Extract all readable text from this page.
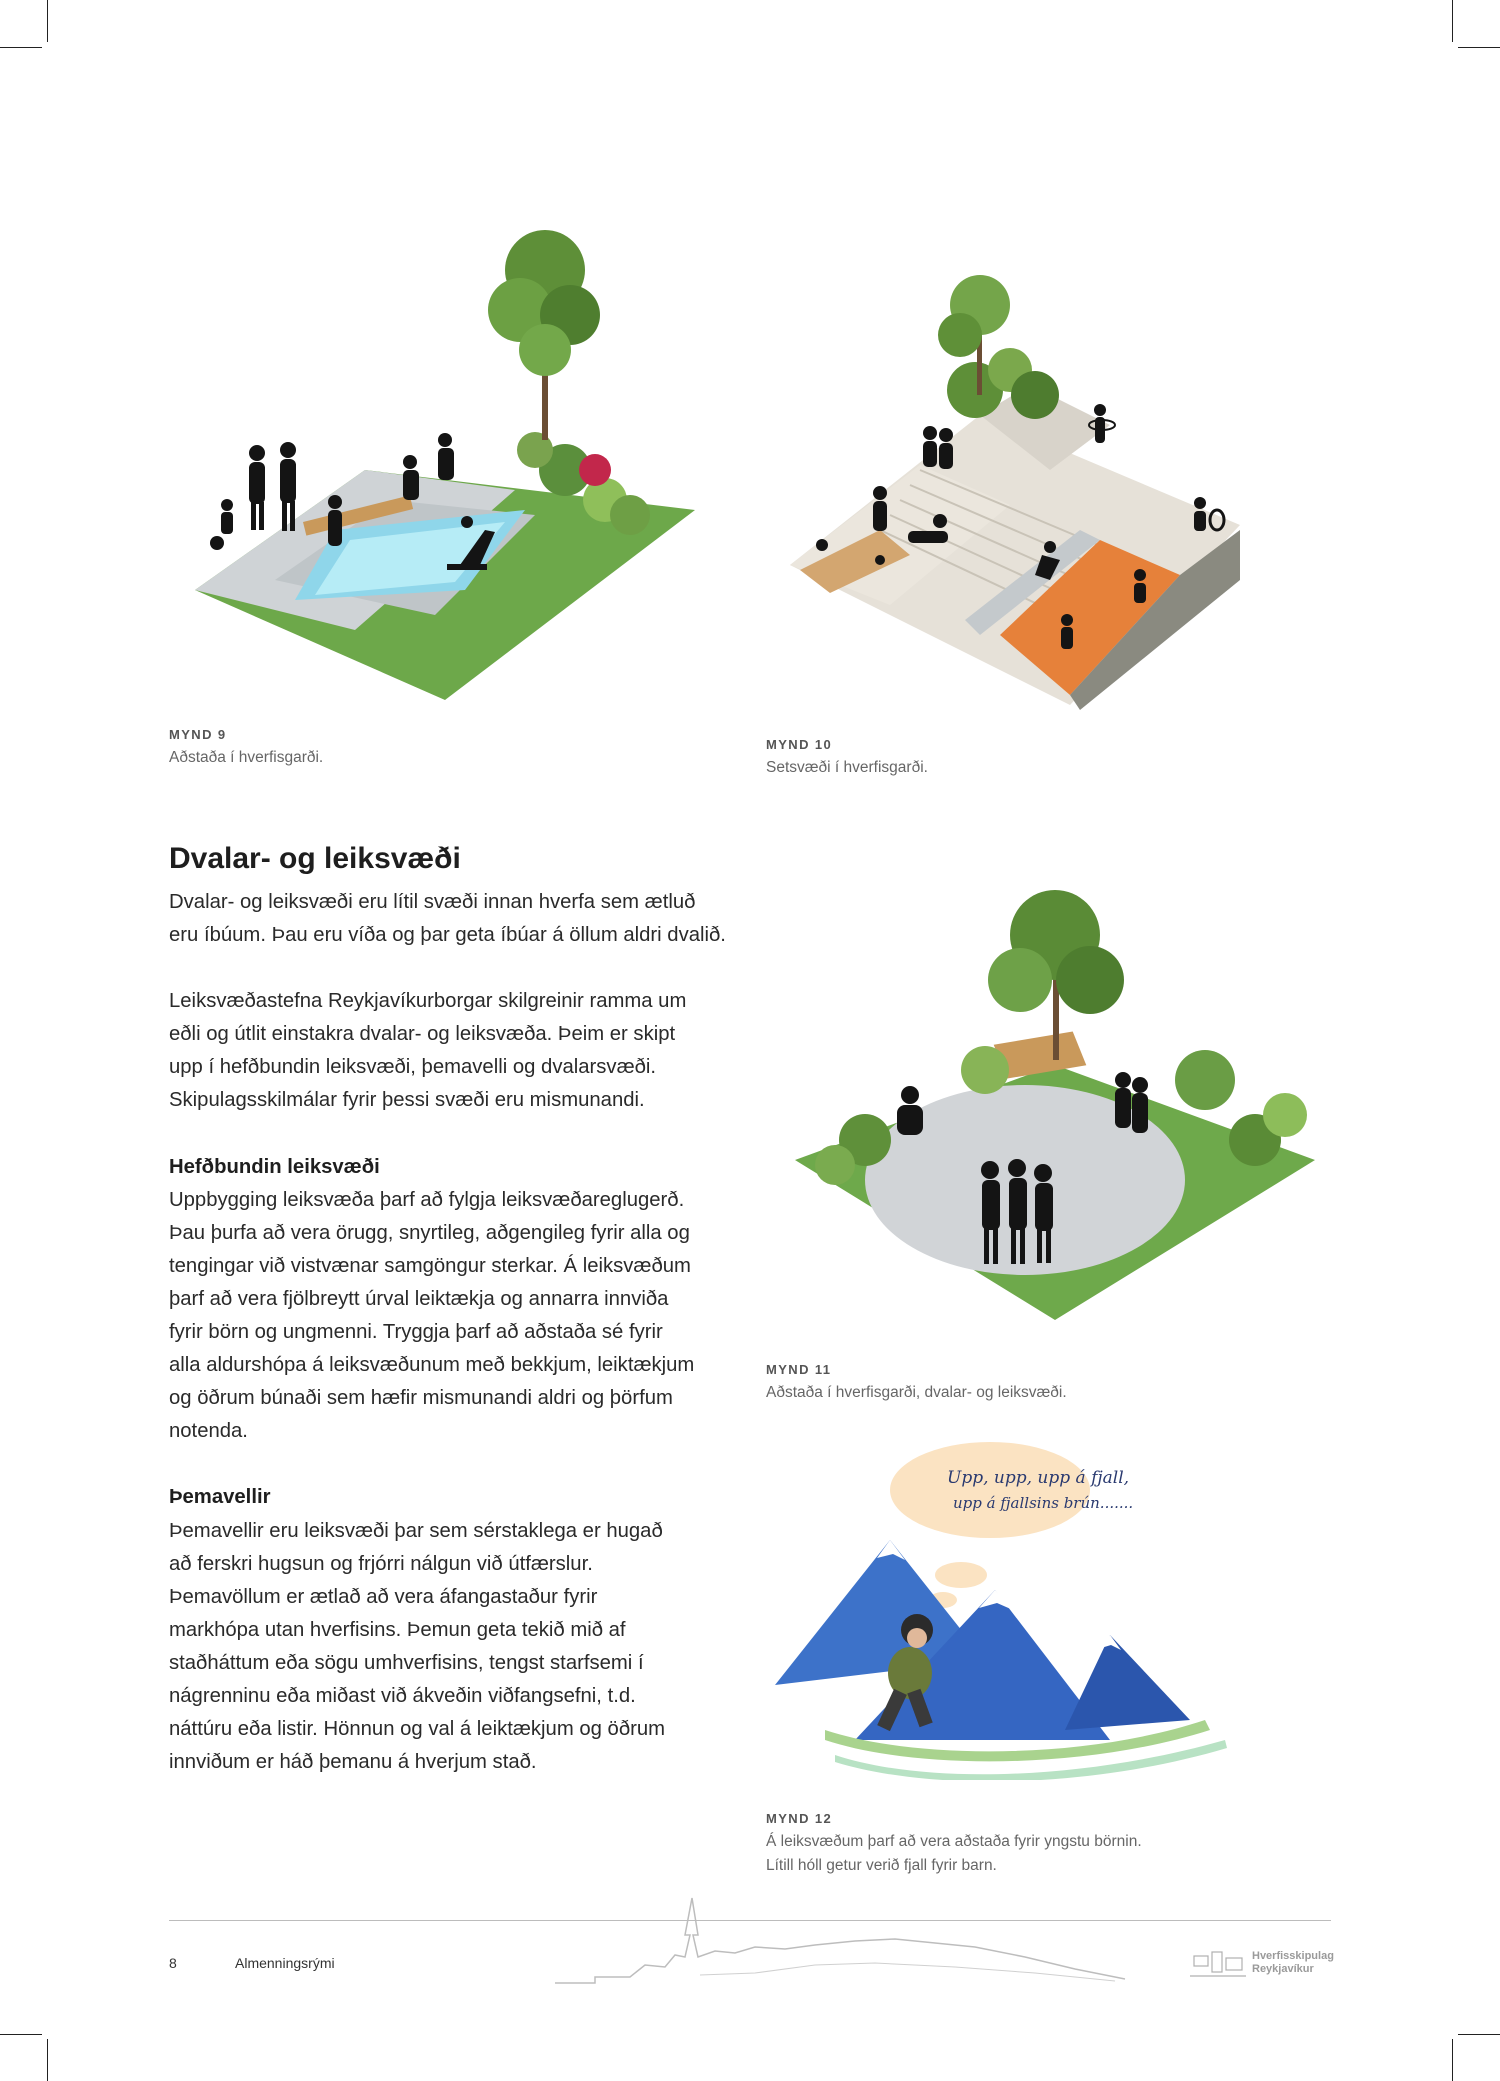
MYND 9
Aðstaða í hverfisgarði.
MYND 10
Setsvæði í hverfisgarði.
Dvalar- og leiksvæði

Dvalar- og leiksvæði eru lítil svæði innan hverfa sem ætluð

eru íbúum. Þau eru víða og þar geta íbúar á öllum aldri dvalið.

Leiksvæðastefna Reykjavíkurborgar skilgreinir ramma um

eðli og útlit einstakra dvalar- og leiksvæða. Þeim er skipt

upp í hefðbundin leiksvæði, þemavelli og dvalarsvæði.

Skipulagsskilmálar fyrir þessi svæði eru mismunandi.

Hefðbundin leiksvæði

Uppbygging leiksvæða þarf að fylgja leiksvæðareglugerð.

Þau þurfa að vera örugg, snyrtileg, aðgengileg fyrir alla og

tengingar við vistvænar samgöngur sterkar. Á leiksvæðum

þarf að vera fjölbreytt úrval leiktækja og annarra innviða

fyrir börn og ungmenni. Tryggja þarf að aðstaða sé fyrir

alla aldurshópa á leiksvæðunum með bekkjum, leiktækjum

og öðrum búnaði sem hæfir mismunandi aldri og þörfum

notenda.

Þemavellir

Þemavellir eru leiksvæði þar sem sérstaklega er hugað

að ferskri hugsun og frjórri nálgun við útfærslur.

Þemavöllum er ætlað að vera áfangastaður fyrir

markhópa utan hverfisins. Þemun geta tekið mið af

staðháttum eða sögu umhverfisins, tengst starfsemi í

nágrenninu eða miðast við ákveðin viðfangsefni, t.d.

náttúru eða listir. Hönnun og val á leiktækjum og öðrum

innviðum er háð þemanu á hverjum stað.

MYND 11
Aðstaða í hverfisgarði, dvalar- og leiksvæði.
Upp, upp, upp á fjall,
upp á fjallsins brún.......
MYND 12
Á leiksvæðum þarf að vera aðstaða fyrir yngstu börnin.
Lítill hóll getur verið fjall fyrir barn.
8	Almenningsrými	Hverfisskipulag
Reykjavíkur
